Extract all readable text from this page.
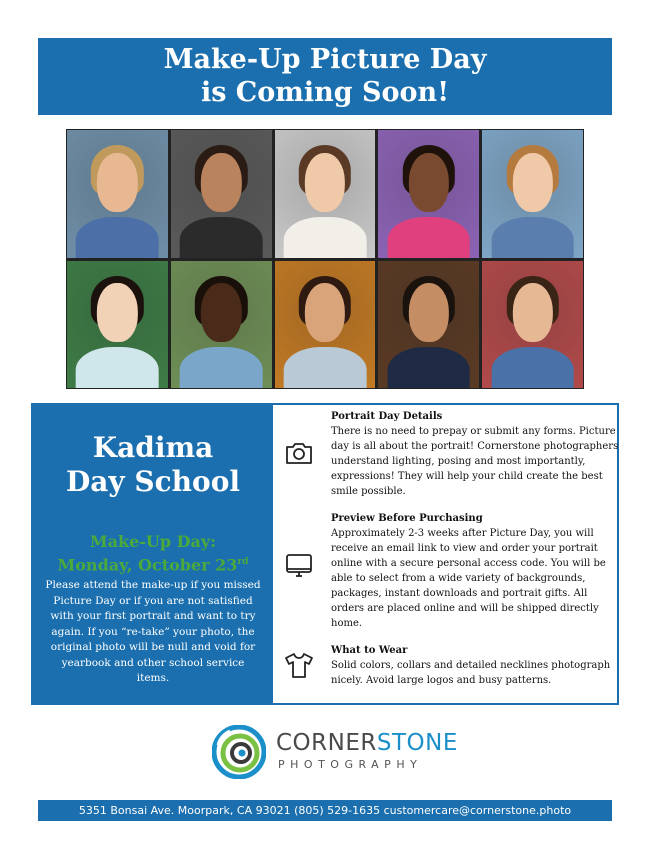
Make-Up Picture Day
is Coming Soon!
Kadima
Day School
Make-Up Day:
Monday, October 23rd
Please attend the make-up if you missed Picture Day or if you are not satisfied with your first portrait and want to try again. If you “re-take” your photo, the original photo will be null and void for yearbook and other school service items.
Portrait Day Details
There is no need to prepay or submit any forms. Picture day is all about the portrait! Cornerstone photographers understand lighting, posing and most importantly, expressions! They will help your child create the best smile possible.
Preview Before Purchasing
Approximately 2-3 weeks after Picture Day, you will receive an email link to view and order your portrait online with a secure personal access code. You will be able to select from a wide variety of backgrounds, packages, instant downloads and portrait gifts. All orders are placed online and will be shipped directly home.
What to Wear
Solid colors, collars and detailed necklines photograph nicely. Avoid large logos and busy patterns.
CORNERSTONE
PHOTOGRAPHY
5351 Bonsai Ave. Moorpark, CA 93021 (805) 529-1635 customercare@cornerstone.photo
